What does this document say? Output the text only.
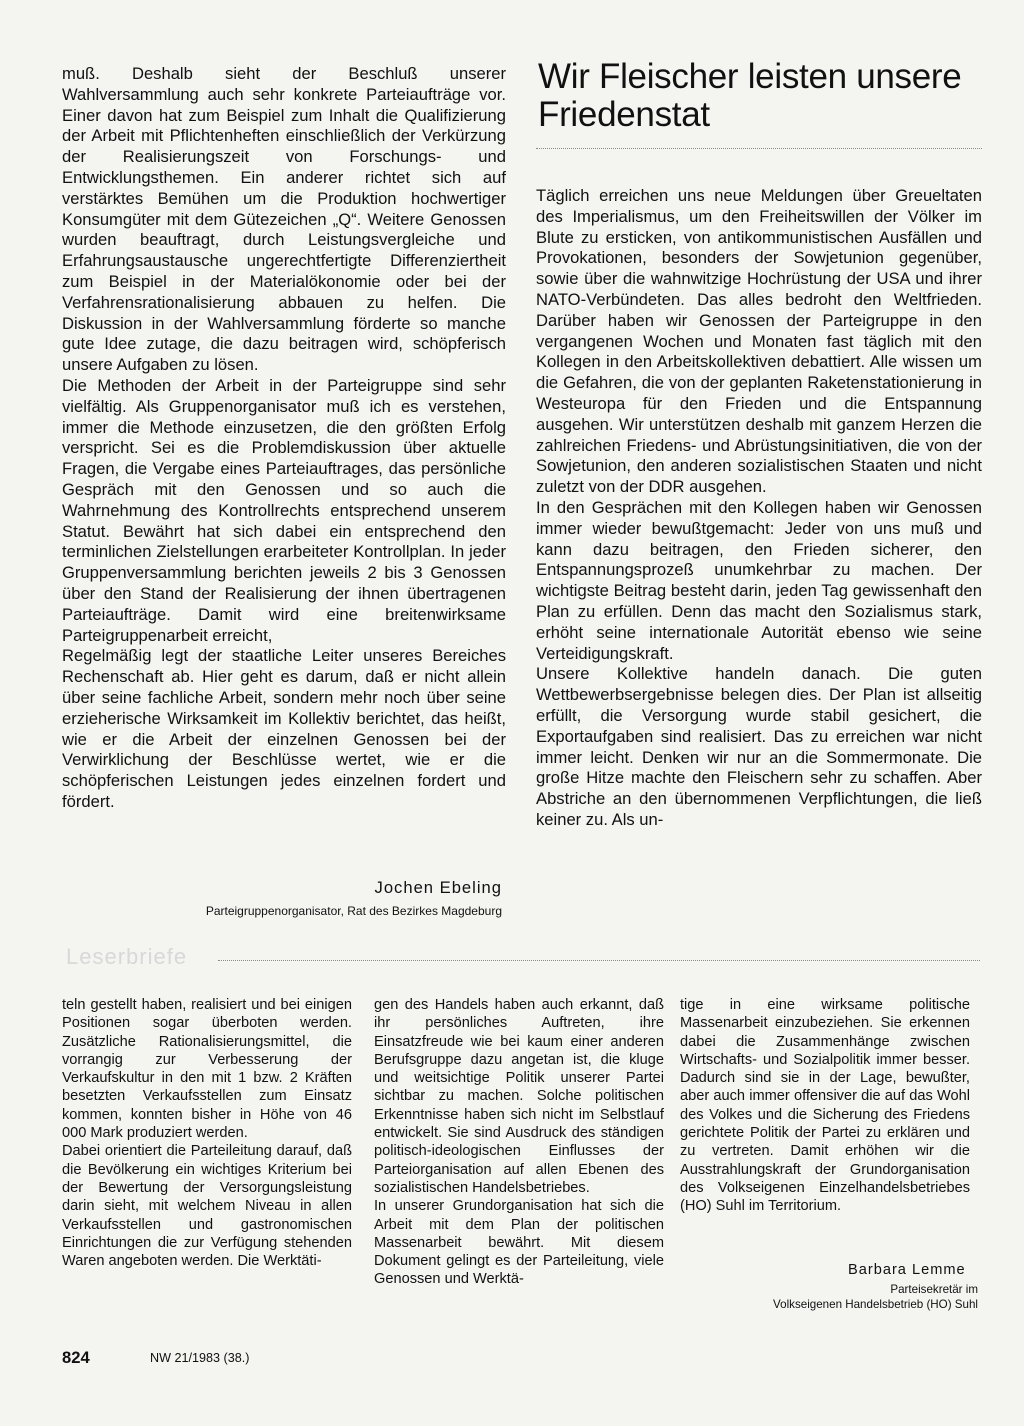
muß. Deshalb sieht der Beschluß unserer Wahlversammlung auch sehr konkrete Parteiaufträge vor. Einer davon hat zum Beispiel zum Inhalt die Qualifizierung der Arbeit mit Pflichtenheften einschließlich der Verkürzung der Realisierungszeit von Forschungs- und Entwicklungsthemen. Ein anderer richtet sich auf verstärktes Bemühen um die Produktion hochwertiger Konsumgüter mit dem Gütezeichen „Q“. Weitere Genossen wurden beauftragt, durch Leistungsvergleiche und Erfahrungsaustausche ungerechtfertigte Differenziertheit zum Beispiel in der Materialökonomie oder bei der Verfahrensrationalisierung abbauen zu helfen. Die Diskussion in der Wahlversammlung förderte so manche gute Idee zutage, die dazu beitragen wird, schöpferisch unsere Aufgaben zu lösen.

Die Methoden der Arbeit in der Parteigruppe sind sehr vielfältig. Als Gruppenorganisator muß ich es verstehen, immer die Methode einzusetzen, die den größten Erfolg verspricht. Sei es die Problemdiskussion über aktuelle Fragen, die Vergabe eines Parteiauftrages, das persönliche Gespräch mit den Genossen und so auch die Wahrnehmung des Kontrollrechts entsprechend unserem Statut. Bewährt hat sich dabei ein entsprechend den terminlichen Zielstellungen erarbeiteter Kontrollplan. In jeder Gruppenversammlung berichten jeweils 2 bis 3 Genossen über den Stand der Realisierung der ihnen übertragenen Parteiaufträge. Damit wird eine breitenwirksame Parteigruppenarbeit erreicht,

Regelmäßig legt der staatliche Leiter unseres Bereiches Rechenschaft ab. Hier geht es darum, daß er nicht allein über seine fachliche Arbeit, sondern mehr noch über seine erzieherische Wirksamkeit im Kollektiv berichtet, das heißt, wie er die Arbeit der einzelnen Genossen bei der Verwirklichung der Beschlüsse wertet, wie er die schöpferischen Leistungen jedes einzelnen fordert und fördert.

Jochen Ebeling

Parteigruppenorganisator, Rat des Bezirkes Magdeburg

Wir Fleischer leisten unsere Friedenstat

Täglich erreichen uns neue Meldungen über Greueltaten des Imperialismus, um den Freiheitswillen der Völker im Blute zu ersticken, von antikommunistischen Ausfällen und Provokationen, besonders der Sowjetunion gegenüber, sowie über die wahnwitzige Hochrüstung der USA und ihrer NATO-Verbündeten. Das alles bedroht den Weltfrieden. Darüber haben wir Genossen der Parteigruppe in den vergangenen Wochen und Monaten fast täglich mit den Kollegen in den Arbeitskollektiven debattiert. Alle wissen um die Gefahren, die von der geplanten Raketenstationierung in Westeuropa für den Frieden und die Entspannung ausgehen. Wir unterstützen deshalb mit ganzem Herzen die zahlreichen Friedens- und Abrüstungsinitiativen, die von der Sowjetunion, den anderen sozialistischen Staaten und nicht zuletzt von der DDR ausgehen.

In den Gesprächen mit den Kollegen haben wir Genossen immer wieder bewußtgemacht: Jeder von uns muß und kann dazu beitragen, den Frieden sicherer, den Entspannungsprozeß unumkehrbar zu machen. Der wichtigste Beitrag besteht darin, jeden Tag gewissenhaft den Plan zu erfüllen. Denn das macht den Sozialismus stark, erhöht seine internationale Autorität ebenso wie seine Verteidigungskraft.

Unsere Kollektive handeln danach. Die guten Wettbewerbsergebnisse belegen dies. Der Plan ist allseitig erfüllt, die Versorgung wurde stabil gesichert, die Exportaufgaben sind realisiert. Das zu erreichen war nicht immer leicht. Denken wir nur an die Sommermonate. Die große Hitze machte den Fleischern sehr zu schaffen. Aber Abstriche an den übernommenen Verpflichtungen, die ließ keiner zu. Als un-

Leserbriefe

teln gestellt haben, realisiert und bei einigen Positionen sogar überboten werden. Zusätzliche Rationalisierungsmittel, die vorrangig zur Verbesserung der Verkaufskultur in den mit 1 bzw. 2 Kräften besetzten Verkaufsstellen zum Einsatz kommen, konnten bisher in Höhe von 46 000 Mark produziert werden.

Dabei orientiert die Parteileitung darauf, daß die Bevölkerung ein wichtiges Kriterium bei der Bewertung der Versorgungsleistung darin sieht, mit welchem Niveau in allen Verkaufsstellen und gastronomischen Einrichtungen die zur Verfügung stehenden Waren angeboten werden. Die Werktäti-

gen des Handels haben auch erkannt, daß ihr persönliches Auftreten, ihre Einsatzfreude wie bei kaum einer anderen Berufsgruppe dazu angetan ist, die kluge und weitsichtige Politik unserer Partei sichtbar zu machen. Solche politischen Erkenntnisse haben sich nicht im Selbstlauf entwickelt. Sie sind Ausdruck des ständigen politisch-ideologischen Einflusses der Parteiorganisation auf allen Ebenen des sozialistischen Handelsbetriebes.

In unserer Grundorganisation hat sich die Arbeit mit dem Plan der politischen Massenarbeit bewährt. Mit diesem Dokument gelingt es der Parteileitung, viele Genossen und Werktä-

tige in eine wirksame politische Massenarbeit einzubeziehen. Sie erkennen dabei die Zusammenhänge zwischen Wirtschafts- und Sozialpolitik immer besser. Dadurch sind sie in der Lage, bewußter, aber auch immer offensiver die auf das Wohl des Volkes und die Sicherung des Friedens gerichtete Politik der Partei zu erklären und zu vertreten. Damit erhöhen wir die Ausstrahlungskraft der Grundorganisation des Volkseigenen Einzelhandelsbetriebes (HO) Suhl im Territorium.

Barbara Lemme

Parteisekretär im
Volkseigenen Handelsbetrieb (HO) Suhl

824	NW 21/1983 (38.)
